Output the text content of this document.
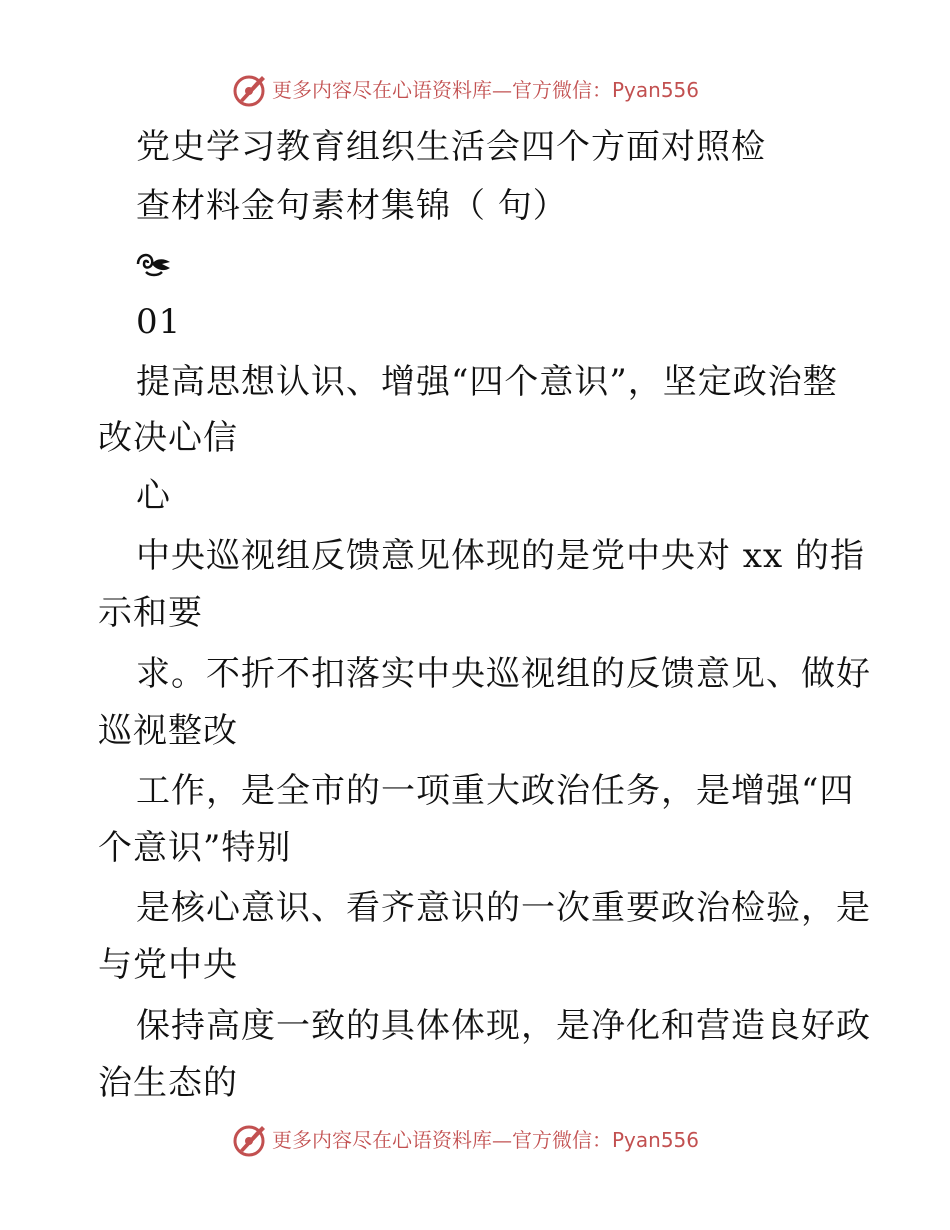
更多内容尽在心语资料库—官方微信：Pyan556
党史学习教育组织生活会四个方面对照检
查材料金句素材集锦（ 句）
01
提高思想认识、增强“四个意识”，坚定政治整
改决心信
心
中央巡视组反馈意见体现的是党中央对 xx 的指
示和要
求。不折不扣落实中央巡视组的反馈意见、做好
巡视整改
工作，是全市的一项重大政治任务，是增强“四
个意识”特别
是核心意识、看齐意识的一次重要政治检验，是
与党中央
保持高度一致的具体体现，是净化和营造良好政
治生态的
更多内容尽在心语资料库—官方微信：Pyan556
